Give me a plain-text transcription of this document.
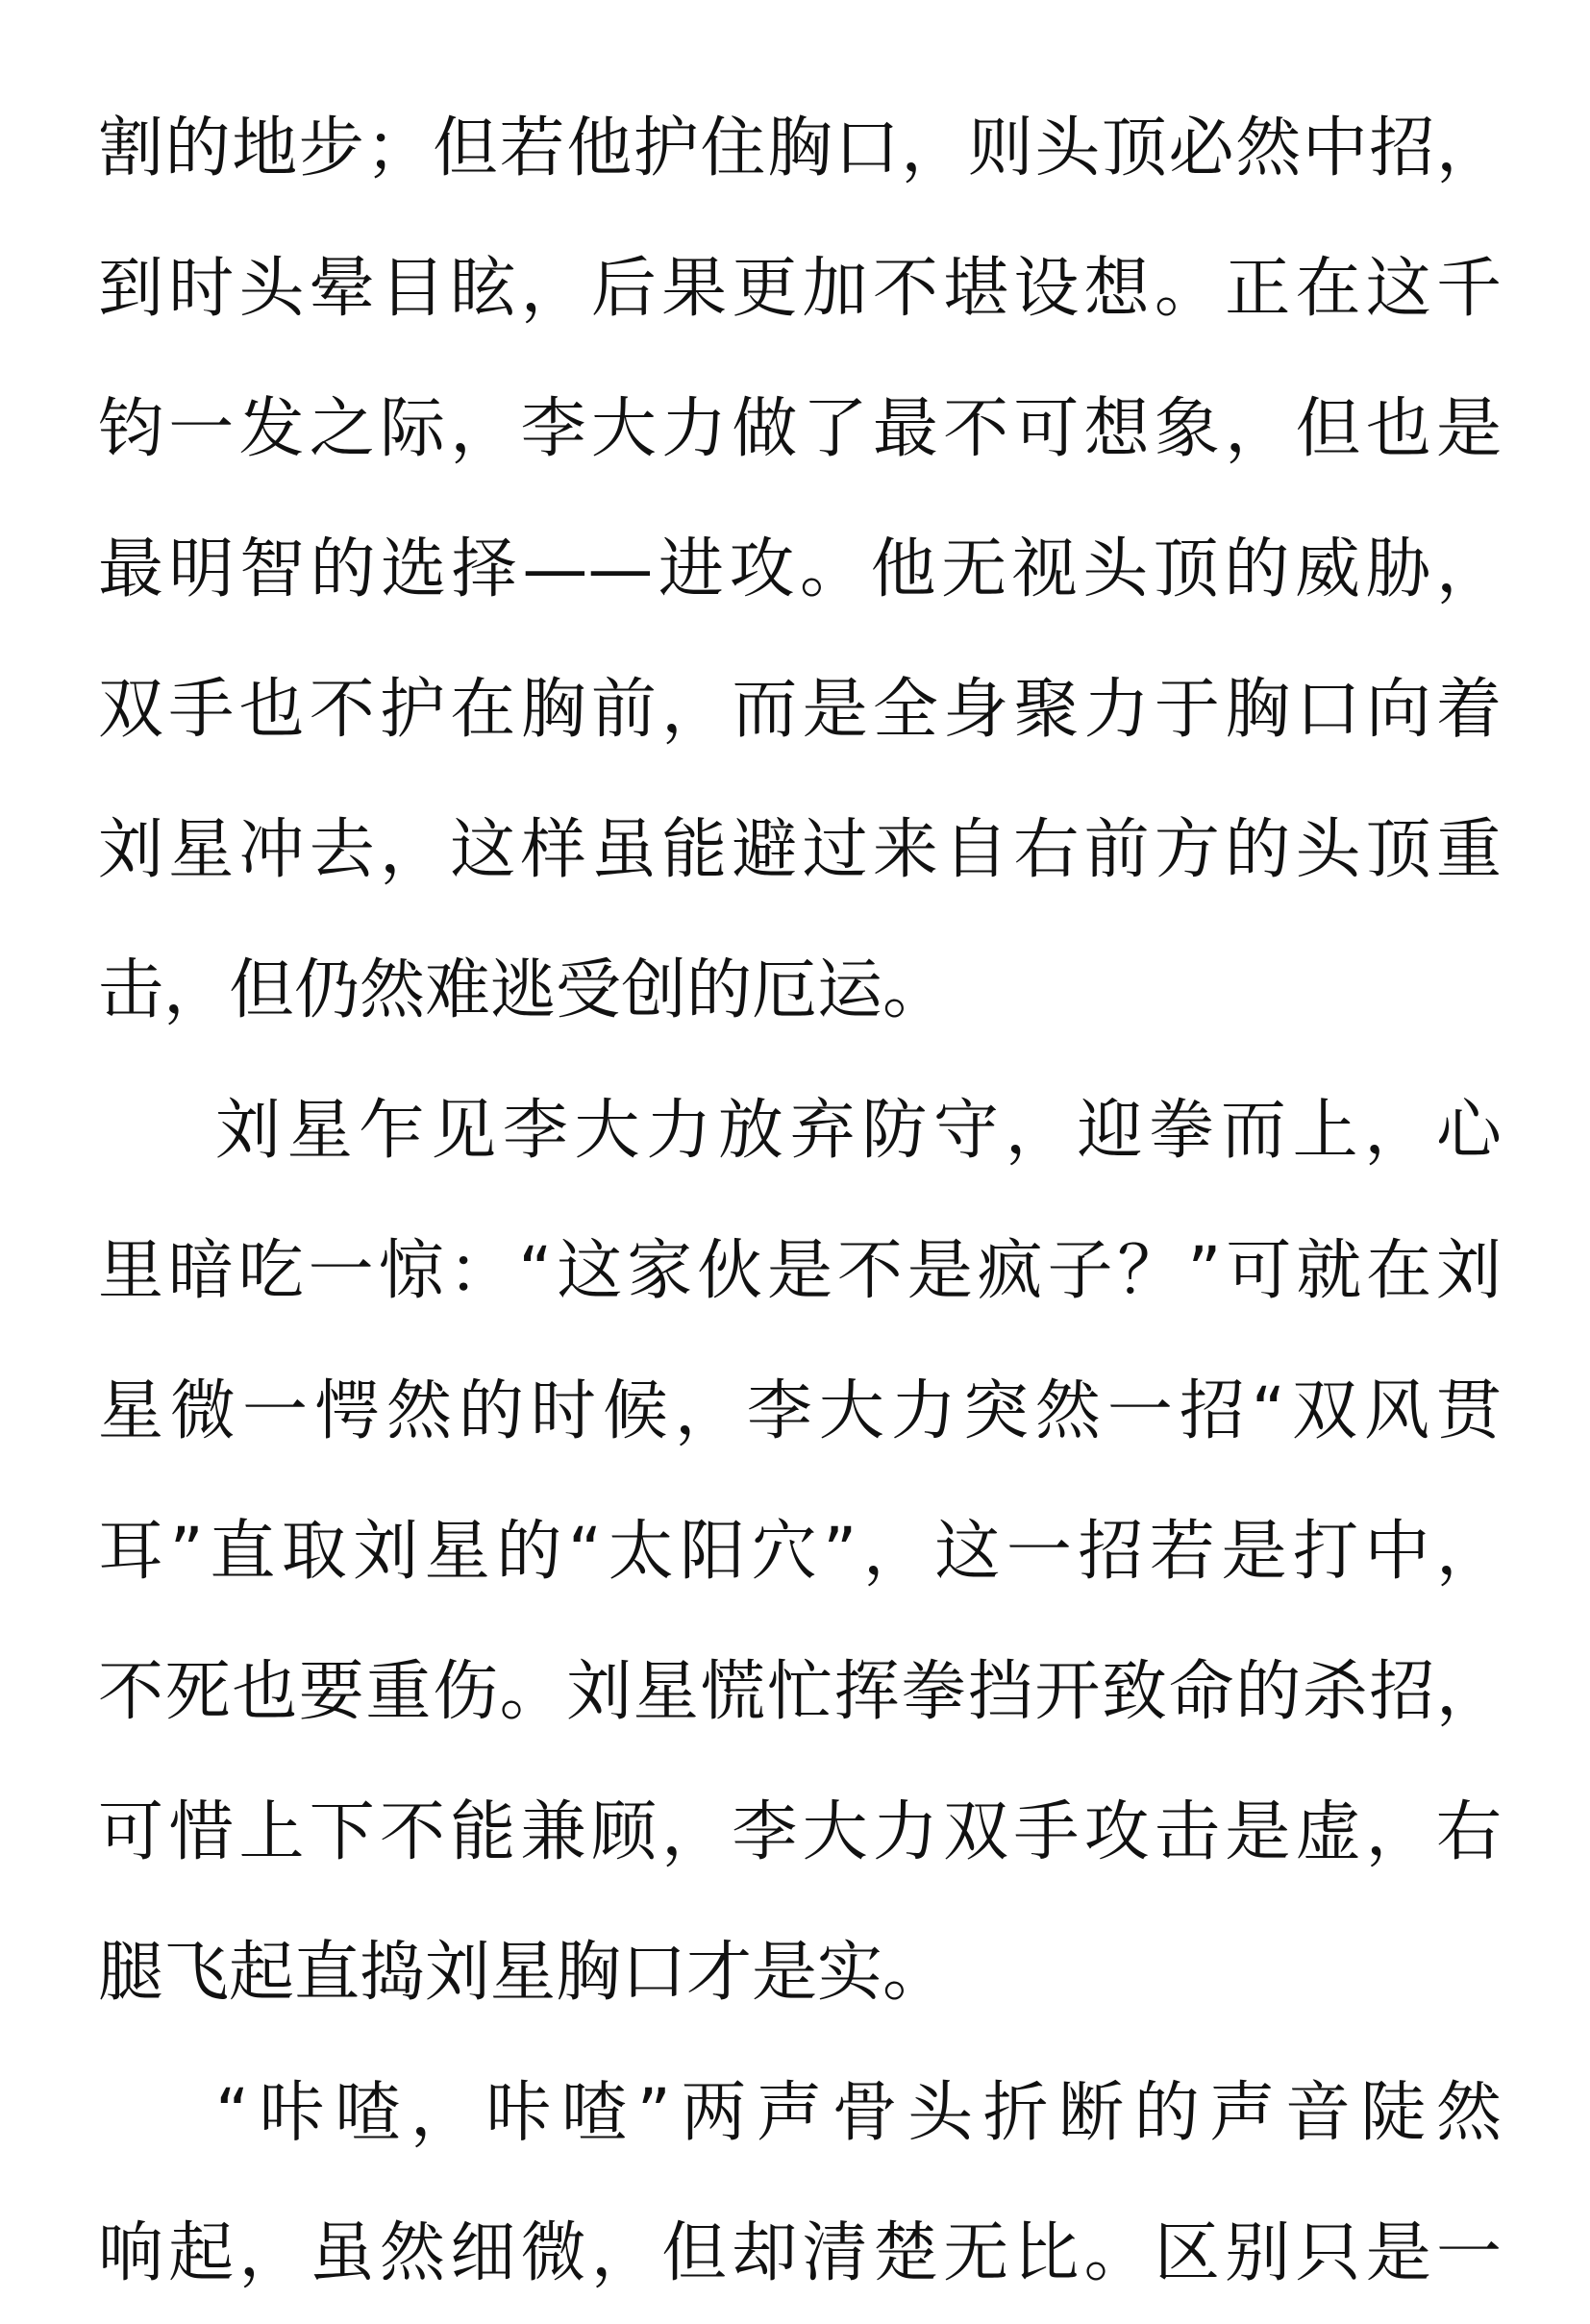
割的地步；但若他护住胸口，则头顶必然中招，
到时头晕目眩，后果更加不堪设想。正在这千
钧一发之际，李大力做了最不可想象，但也是
最明智的选择——进攻。他无视头顶的威胁，
双手也不护在胸前，而是全身聚力于胸口向着
刘星冲去，这样虽能避过来自右前方的头顶重
击，但仍然难逃受创的厄运。
刘星乍见李大力放弃防守，迎拳而上，心
里暗吃一惊：“这家伙是不是疯子？”可就在刘
星微一愕然的时候，李大力突然一招“双风贯
耳”直取刘星的“太阳穴”，这一招若是打中，
不死也要重伤。刘星慌忙挥拳挡开致命的杀招，
可惜上下不能兼顾，李大力双手攻击是虚，右
腿飞起直捣刘星胸口才是实。
“咔喳，咔喳”两声骨头折断的声音陡然
响起，虽然细微，但却清楚无比。区别只是一
